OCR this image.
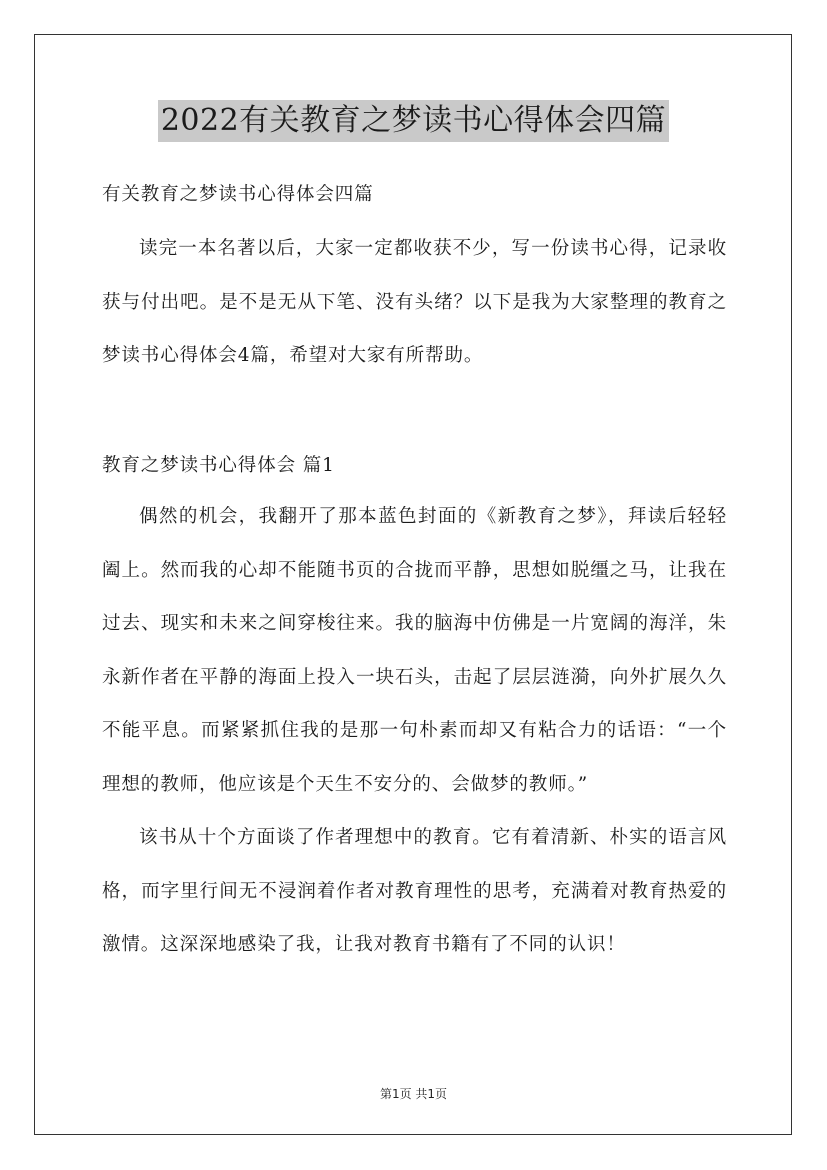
2022有关教育之梦读书心得体会四篇
有关教育之梦读书心得体会四篇

读完一本名著以后，大家一定都收获不少，写一份读书心得，记录收获与付出吧。是不是无从下笔、没有头绪？以下是我为大家整理的教育之梦读书心得体会4篇，希望对大家有所帮助。

教育之梦读书心得体会 篇1

偶然的机会，我翻开了那本蓝色封面的《新教育之梦》，拜读后轻轻阖上。然而我的心却不能随书页的合拢而平静，思想如脱缰之马，让我在过去、现实和未来之间穿梭往来。我的脑海中仿佛是一片宽阔的海洋，朱永新作者在平静的海面上投入一块石头，击起了层层涟漪，向外扩展久久不能平息。而紧紧抓住我的是那一句朴素而却又有粘合力的话语：“一个理想的教师，他应该是个天生不安分的、会做梦的教师。”

该书从十个方面谈了作者理想中的教育。它有着清新、朴实的语言风格，而字里行间无不浸润着作者对教育理性的思考，充满着对教育热爱的激情。这深深地感染了我，让我对教育书籍有了不同的认识！

第1页 共1页
